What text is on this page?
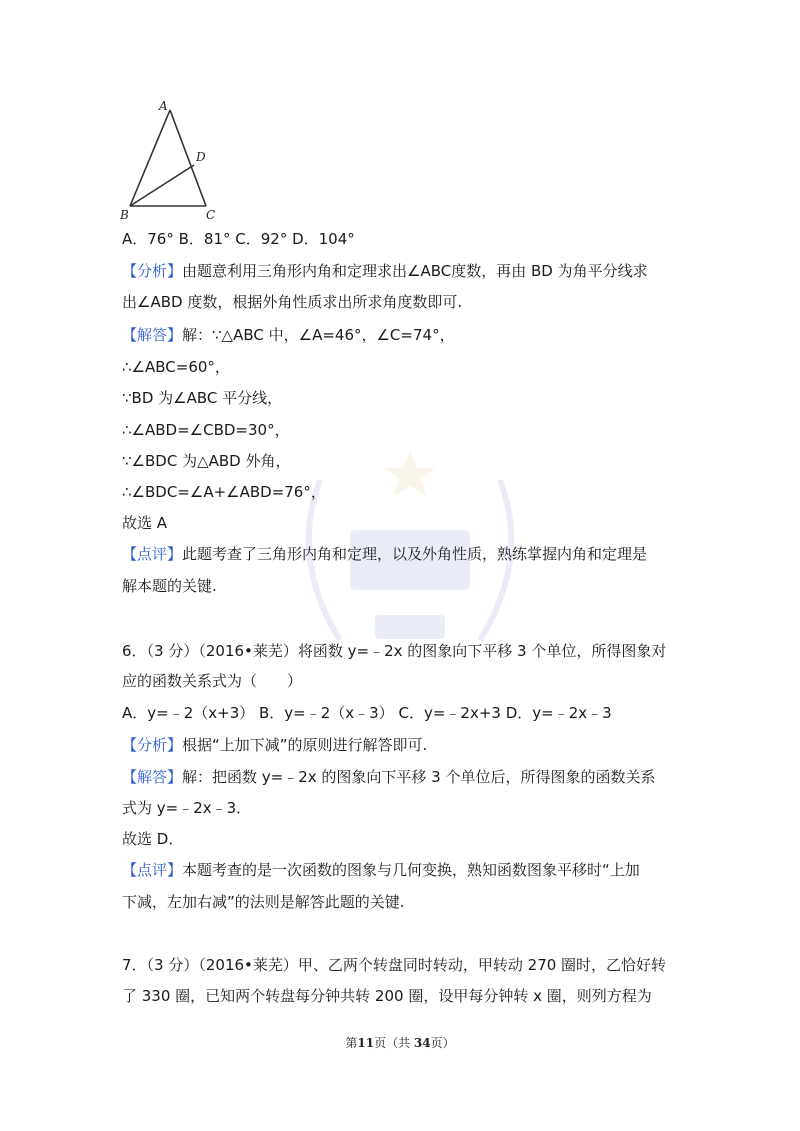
A
B	C
D
A．76° B．81° C．92° D．104°
【分析】由题意利用三角形内角和定理求出∠ABC度数，再由 BD 为角平分线求
出∠ABD 度数，根据外角性质求出所求角度数即可.
【解答】解：∵△ABC 中，∠A=46°，∠C=74°，
∴∠ABC=60°，
∵BD 为∠ABC 平分线，
∴∠ABD=∠CBD=30°，
∵∠BDC 为△ABD 外角，
∴∠BDC=∠A+∠ABD=76°，
故选 A
【点评】此题考查了三角形内角和定理，以及外角性质，熟练掌握内角和定理是
解本题的关键.
6．（3 分）（2016•莱芜）将函数 y=﹣2x 的图象向下平移 3 个单位，所得图象对
应的函数关系式为（　　）
A．y=﹣2（x+3） B．y=﹣2（x﹣3） C．y=﹣2x+3 D．y=﹣2x﹣3
【分析】根据“上加下减”的原则进行解答即可.
【解答】解：把函数 y=﹣2x 的图象向下平移 3 个单位后，所得图象的函数关系
式为 y=﹣2x﹣3．
故选 D．
【点评】本题考查的是一次函数的图象与几何变换，熟知函数图象平移时“上加
下减，左加右减”的法则是解答此题的关键.
7．（3 分）（2016•莱芜）甲、乙两个转盘同时转动，甲转动 270 圈时，乙恰好转
了 330 圈，已知两个转盘每分钟共转 200 圈，设甲每分钟转 x 圈，则列方程为
第11页（共 34页）
